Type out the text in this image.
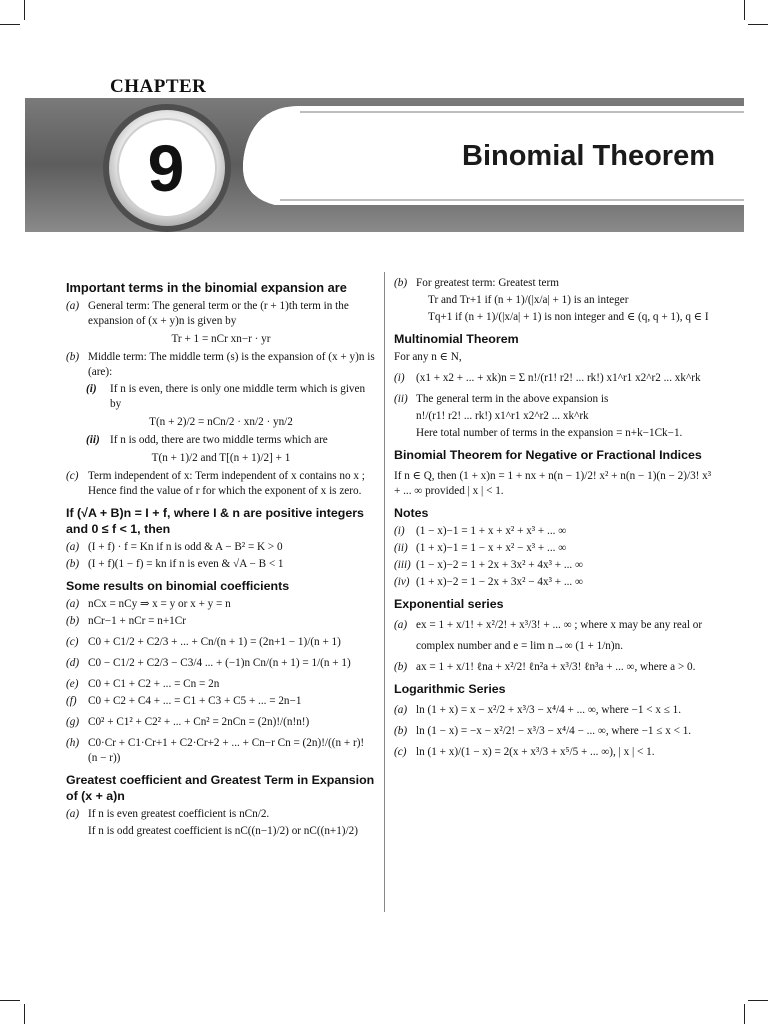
CHAPTER
9	Binomial Theorem
Important terms in the binomial expansion are
(a) General term: The general term or the (r + 1)th term in the expansion of (x + y)n is given by
Tr + 1 = nCr xn−r · yr
(b) Middle term: The middle term (s) is the expansion of (x + y)n is (are):
(i)	If n is even, there is only one middle term which is given by
T(n + 2)/2 = nCn/2 · xn/2 · yn/2
(ii) If n is odd, there are two middle terms which are
T(n + 1)/2 and T[(n + 1)/2] + 1
(c) Term independent of x: Term independent of x contains no x ; Hence find the value of r for which the exponent of x is zero.
If (√A + B)n = I + f, where I & n are positive integers and 0 ≤ f < 1, then
(a) (I + f) · f = Kn if n is odd & A − B² = K > 0
(b) (I + f)(1 − f) = kn if n is even & √A − B < 1
Some results on binomial coefficients
(a) nCx = nCy ⇒ x = y or x + y = n
(b) nCr−1 + nCr = n+1Cr
(c) C0 + C1/2 + C2/3 + ... + Cn/(n + 1) = (2n+1 − 1)/(n + 1)
(d) C0 − C1/2 + C2/3 − C3/4 ... + (−1)n Cn/(n + 1) = 1/(n + 1)
(e) C0 + C1 + C2 + ... = Cn = 2n
(f)	C0 + C2 + C4 + ... = C1 + C3 + C5 + ... = 2n−1
(g) C0² + C1² + C2² + ... + Cn² = 2nCn = (2n)!/(n!n!)
(h) C0·Cr + C1·Cr+1 + C2·Cr+2 + ... + Cn−r Cn = (2n)!/((n + r)! (n − r))
Greatest coefficient and Greatest Term in Expansion of (x + a)n
(a) If n is even greatest coefficient is nCn/2.
If n is odd greatest coefficient is nC((n−1)/2) or nC((n+1)/2)
(b) For greatest term: Greatest term
Tr and Tr+1 if (n + 1)/(|x/a| + 1) is an integer
Tq+1 if (n + 1)/(|x/a| + 1) is non integer and ∈ (q, q + 1), q ∈ I
Multinomial Theorem
For any n ∈ N,
(i)	(x1 + x2 + ... + xk)n = Σ n!/(r1! r2! ... rk!) x1^r1 x2^r2 ... xk^rk
(ii) The general term in the above expansion is
n!/(r1! r2! ... rk!) x1^r1 x2^r2 ... xk^rk
Here total number of terms in the expansion = n+k−1Ck−1.
Binomial Theorem for Negative or Fractional Indices
If n ∈ Q, then (1 + x)n = 1 + nx + n(n − 1)/2! x² + n(n − 1)(n − 2)/3! x³ + ... ∞ provided | x | < 1.
Notes
(i)	(1 − x)−1 = 1 + x + x² + x³ + ... ∞
(ii) (1 + x)−1 = 1 − x + x² − x³ + ... ∞
(iii) (1 − x)−2 = 1 + 2x + 3x² + 4x³ + ... ∞
(iv) (1 + x)−2 = 1 − 2x + 3x² − 4x³ + ... ∞
Exponential series
(a) ex = 1 + x/1! + x²/2! + x³/3! + ... ∞ ; where x may be any real or
complex number and e = lim n→∞ (1 + 1/n)n.
(b) ax = 1 + x/1! ℓna + x²/2! ℓn²a + x³/3! ℓn³a + ... ∞, where a > 0.
Logarithmic Series
(a) ln (1 + x) = x − x²/2 + x³/3 − x⁴/4 + ... ∞, where −1 < x ≤ 1.
(b) ln (1 − x) = −x − x²/2! − x³/3 − x⁴/4 − ... ∞, where −1 ≤ x < 1.
(c) ln (1 + x)/(1 − x) = 2(x + x³/3 + x⁵/5 + ... ∞), | x | < 1.
